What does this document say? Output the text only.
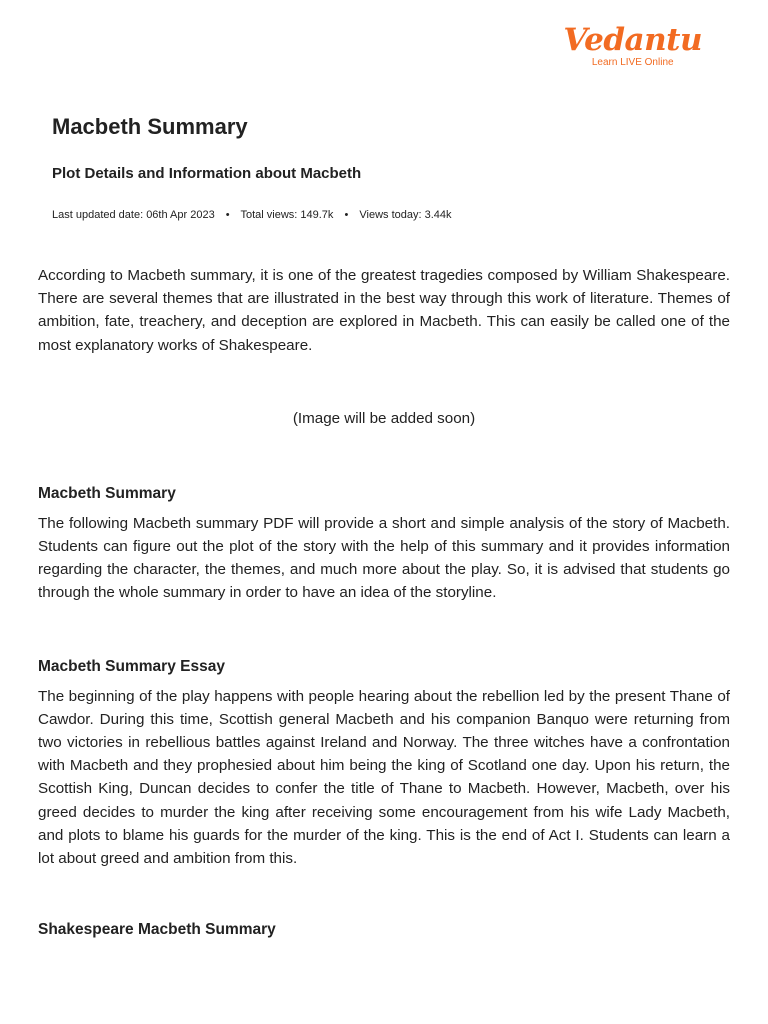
Vedantu
Learn LIVE Online
Macbeth Summary
Plot Details and Information about Macbeth
Last updated date: 06th Apr 2023 • Total views: 149.7k • Views today: 3.44k

According to Macbeth summary, it is one of the greatest tragedies composed by William Shakespeare. There are several themes that are illustrated in the best way through this work of literature. Themes of ambition, fate, treachery, and deception are explored in Macbeth. This can easily be called one of the most explanatory works of Shakespeare.

(Image will be added soon)
Macbeth Summary

The following Macbeth summary PDF will provide a short and simple analysis of the story of Macbeth. Students can figure out the plot of the story with the help of this summary and it provides information regarding the character, the themes, and much more about the play. So, it is advised that students go through the whole summary in order to have an idea of the storyline.

Macbeth Summary Essay

The beginning of the play happens with people hearing about the rebellion led by the present Thane of Cawdor. During this time, Scottish general Macbeth and his companion Banquo were returning from two victories in rebellious battles against Ireland and Norway. The three witches have a confrontation with Macbeth and they prophesied about him being the king of Scotland one day. Upon his return, the Scottish King, Duncan decides to confer the title of Thane to Macbeth. However, Macbeth, over his greed decides to murder the king after receiving some encouragement from his wife Lady Macbeth, and plots to blame his guards for the murder of the king. This is the end of Act I. Students can learn a lot about greed and ambition from this.

Shakespeare Macbeth Summary
